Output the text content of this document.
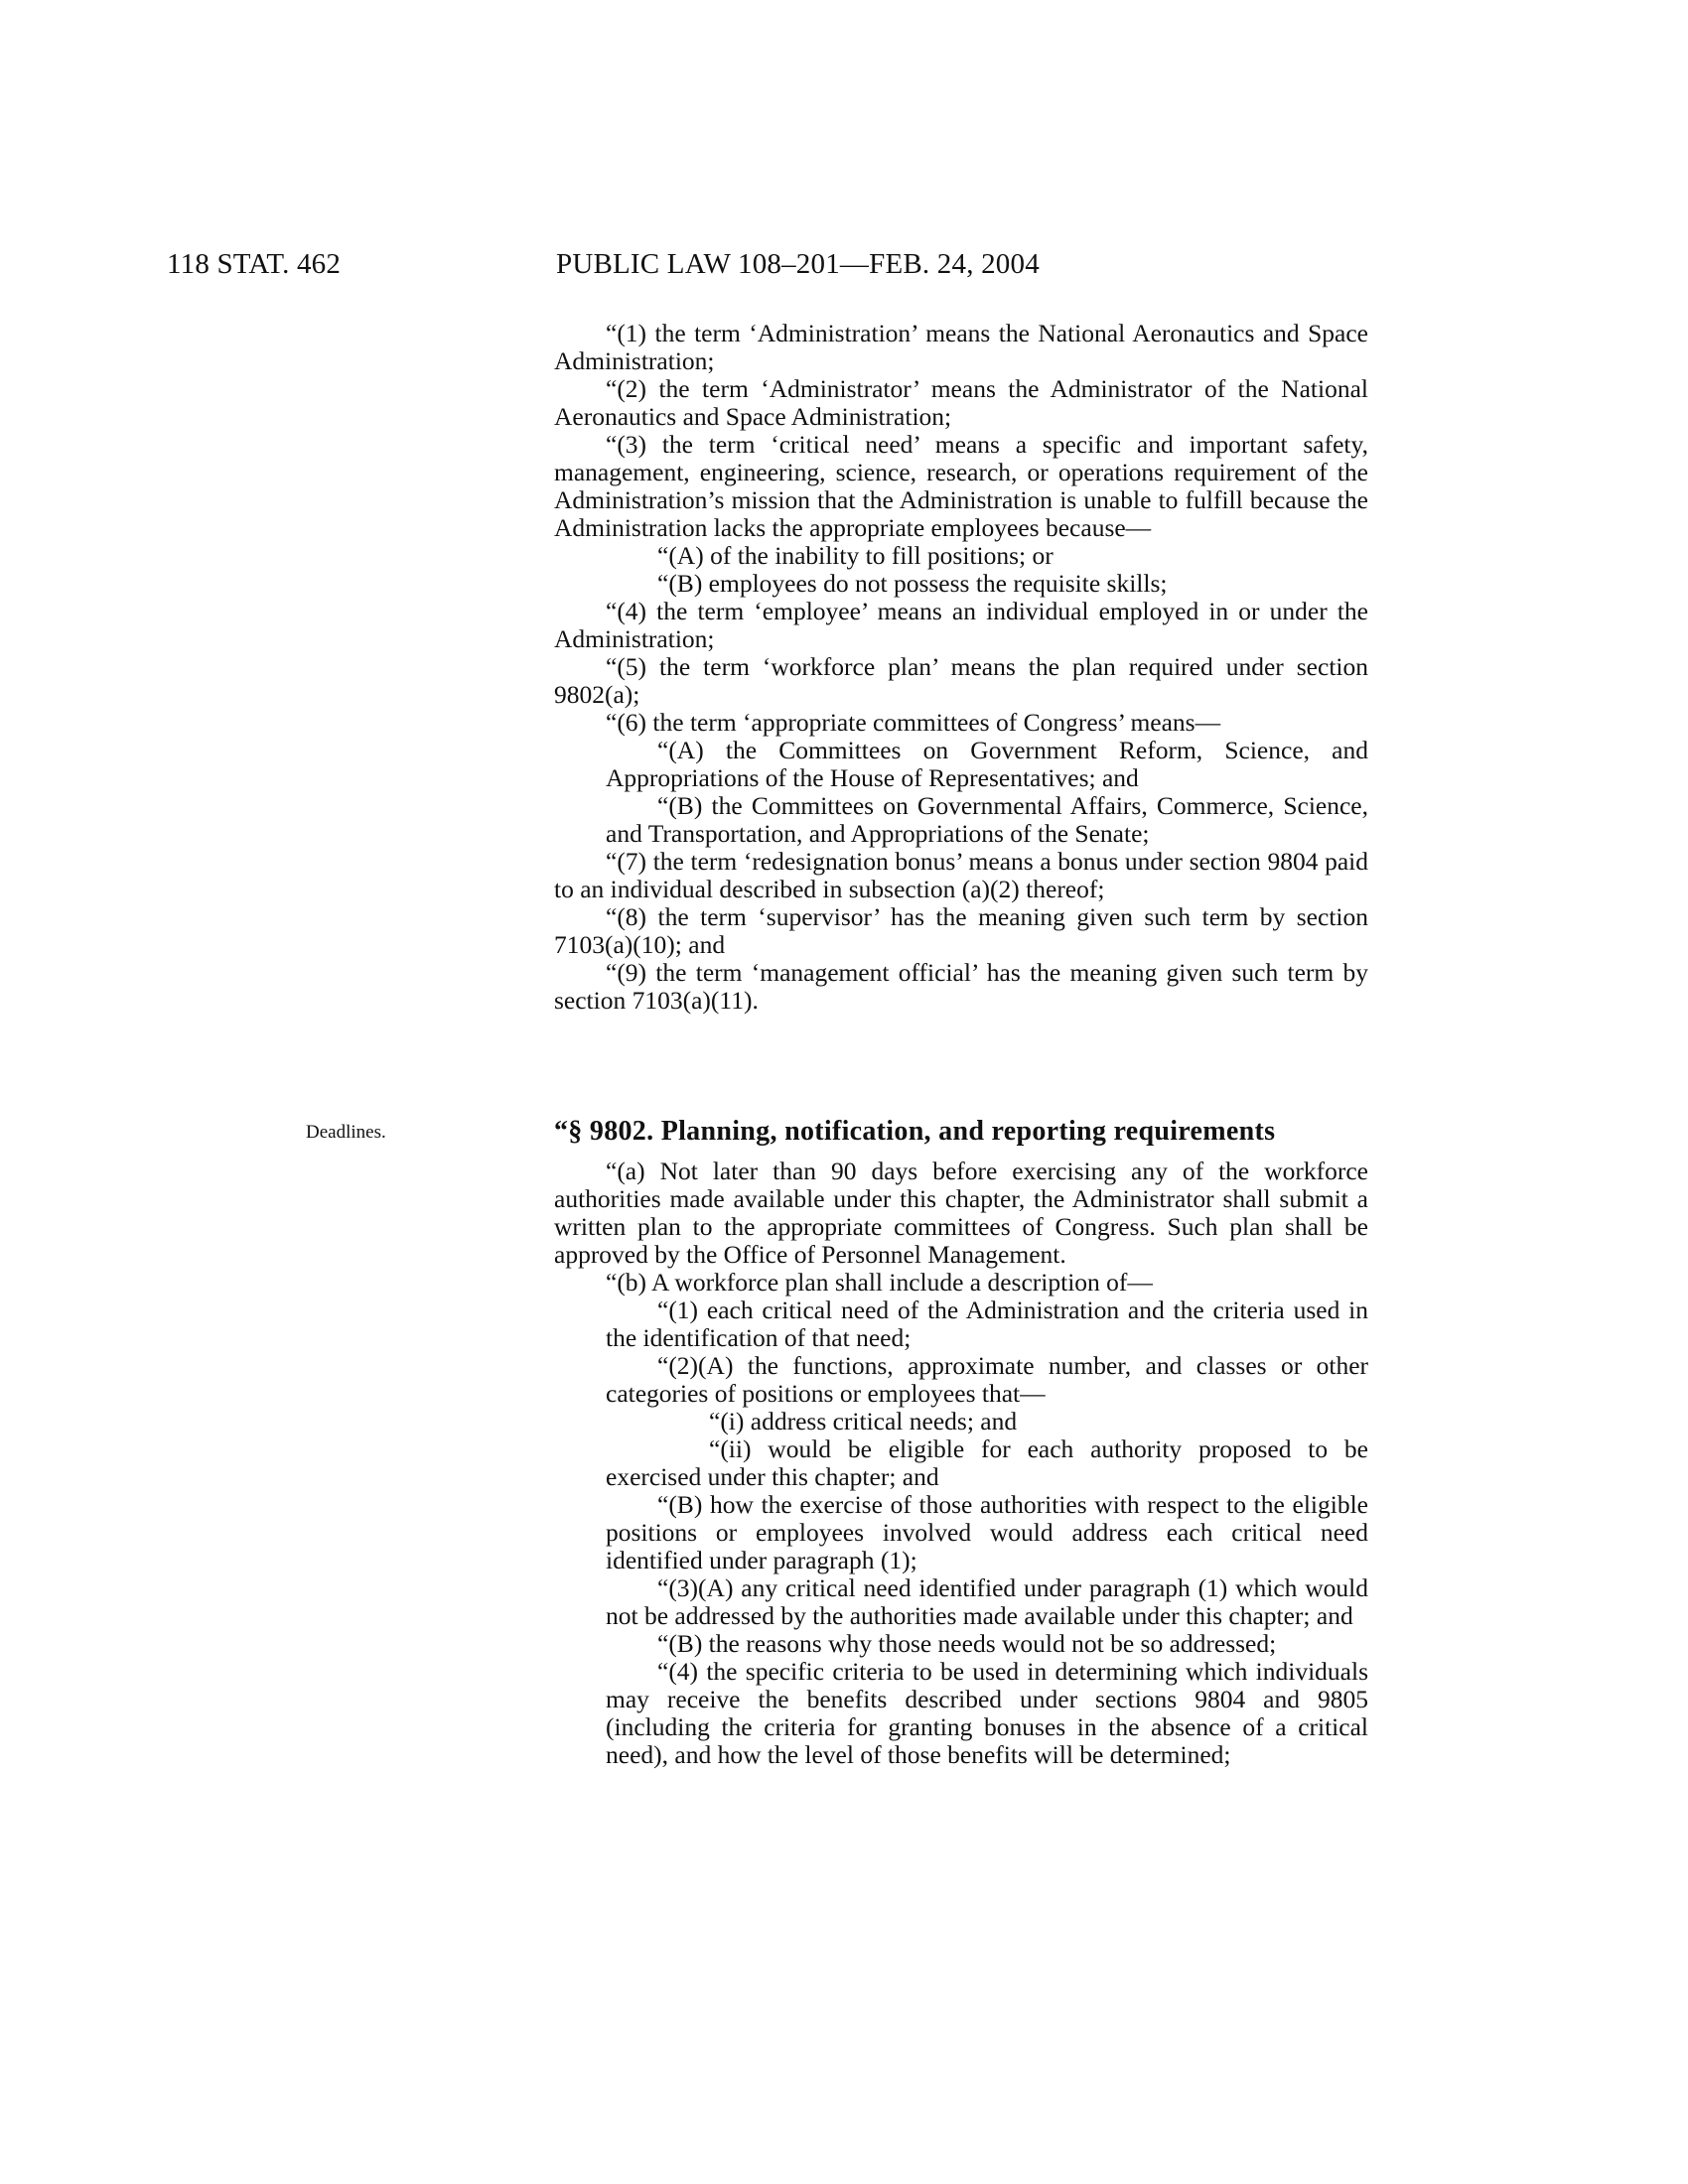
118 STAT. 462	PUBLIC LAW 108–201—FEB. 24, 2004

“(1) the term ‘Administration’ means the National Aeronautics and Space Administration;

“(2) the term ‘Administrator’ means the Administrator of the National Aeronautics and Space Administration;

“(3) the term ‘critical need’ means a specific and important safety, management, engineering, science, research, or operations requirement of the Administration’s mission that the Administration is unable to fulfill because the Administration lacks the appropriate employees because—

“(A) of the inability to fill positions; or

“(B) employees do not possess the requisite skills;

“(4) the term ‘employee’ means an individual employed in or under the Administration;

“(5) the term ‘workforce plan’ means the plan required under section 9802(a);

“(6) the term ‘appropriate committees of Congress’ means—

“(A) the Committees on Government Reform, Science, and Appropriations of the House of Representatives; and

“(B) the Committees on Governmental Affairs, Commerce, Science, and Transportation, and Appropriations of the Senate;

“(7) the term ‘redesignation bonus’ means a bonus under section 9804 paid to an individual described in subsection (a)(2) thereof;

“(8) the term ‘supervisor’ has the meaning given such term by section 7103(a)(10); and

“(9) the term ‘management official’ has the meaning given such term by section 7103(a)(11).

Deadlines.	“§ 9802. Planning, notification, and reporting requirements

“(a) Not later than 90 days before exercising any of the workforce authorities made available under this chapter, the Administrator shall submit a written plan to the appropriate committees of Congress. Such plan shall be approved by the Office of Personnel Management.

“(b) A workforce plan shall include a description of—

“(1) each critical need of the Administration and the criteria used in the identification of that need;

“(2)(A) the functions, approximate number, and classes or other categories of positions or employees that—

“(i) address critical needs; and

“(ii) would be eligible for each authority proposed to be exercised under this chapter; and

“(B) how the exercise of those authorities with respect to the eligible positions or employees involved would address each critical need identified under paragraph (1);

“(3)(A) any critical need identified under paragraph (1) which would not be addressed by the authorities made available under this chapter; and

“(B) the reasons why those needs would not be so addressed;

“(4) the specific criteria to be used in determining which individuals may receive the benefits described under sections 9804 and 9805 (including the criteria for granting bonuses in the absence of a critical need), and how the level of those benefits will be determined;
